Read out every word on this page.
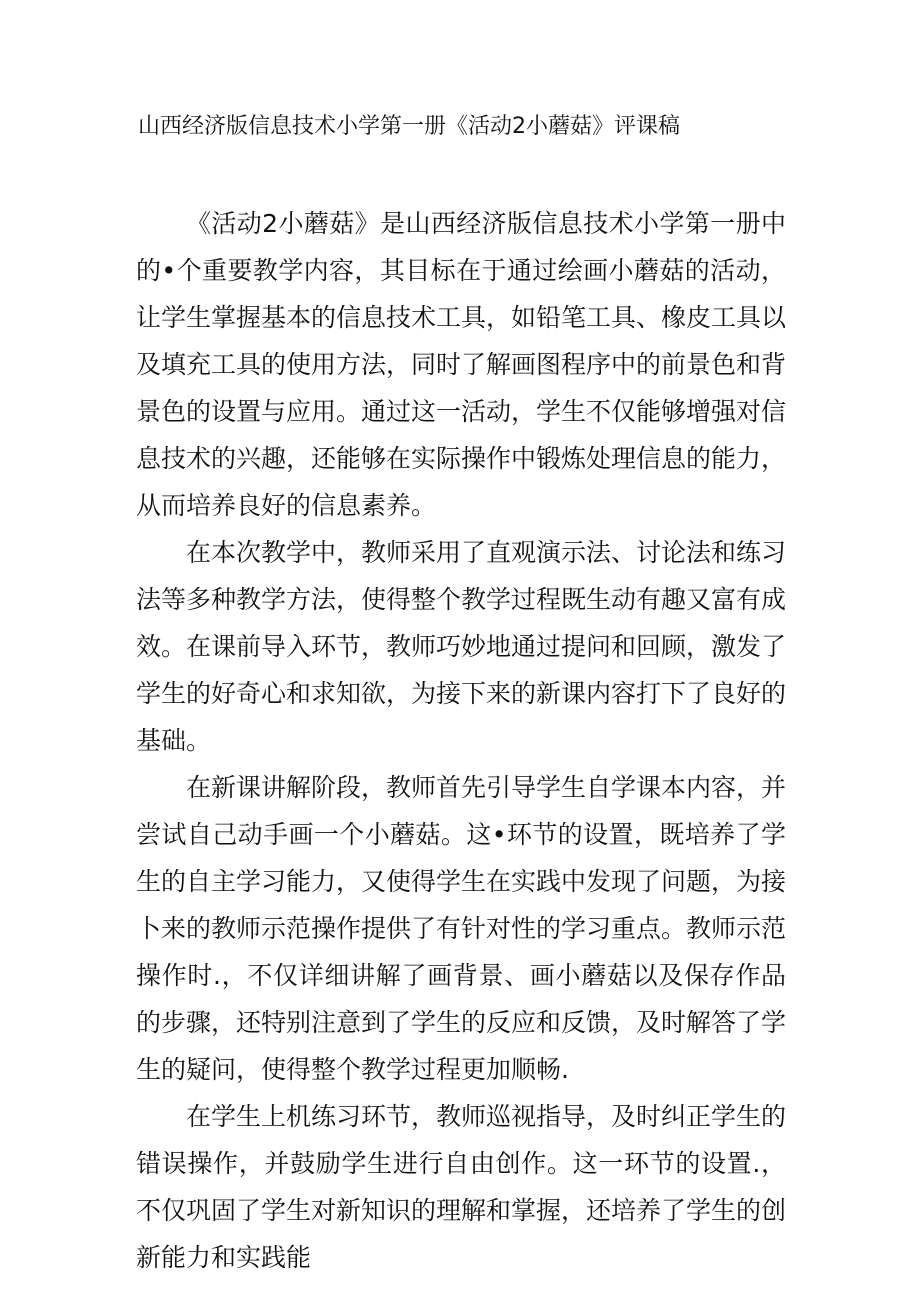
山西经济版信息技术小学第一册《活动2小蘑菇》评课稿

《活动2小蘑菇》是山西经济版信息技术小学第一册中的•个重要教学内容，其目标在于通过绘画小蘑菇的活动，让学生掌握基本的信息技术工具，如铅笔工具、橡皮工具以及填充工具的使用方法，同时了解画图程序中的前景色和背景色的设置与应用。通过这一活动，学生不仅能够增强对信息技术的兴趣，还能够在实际操作中锻炼处理信息的能力，从而培养良好的信息素养。

在本次教学中，教师采用了直观演示法、讨论法和练习法等多种教学方法，使得整个教学过程既生动有趣又富有成效。在课前导入环节，教师巧妙地通过提问和回顾，激发了学生的好奇心和求知欲，为接下来的新课内容打下了良好的基础。

在新课讲解阶段，教师首先引导学生自学课本内容，并尝试自己动手画一个小蘑菇。这•环节的设置，既培养了学生的自主学习能力，又使得学生在实践中发现了问题，为接卜来的教师示范操作提供了有针对性的学习重点。教师示范操作时.，不仅详细讲解了画背景、画小蘑菇以及保存作品的步骤，还特别注意到了学生的反应和反馈，及时解答了学生的疑问，使得整个教学过程更加顺畅.

在学生上机练习环节，教师巡视指导，及时纠正学生的错误操作，并鼓励学生进行自由创作。这一环节的设置.，不仅巩固了学生对新知识的理解和掌握，还培养了学生的创新能力和实践能
